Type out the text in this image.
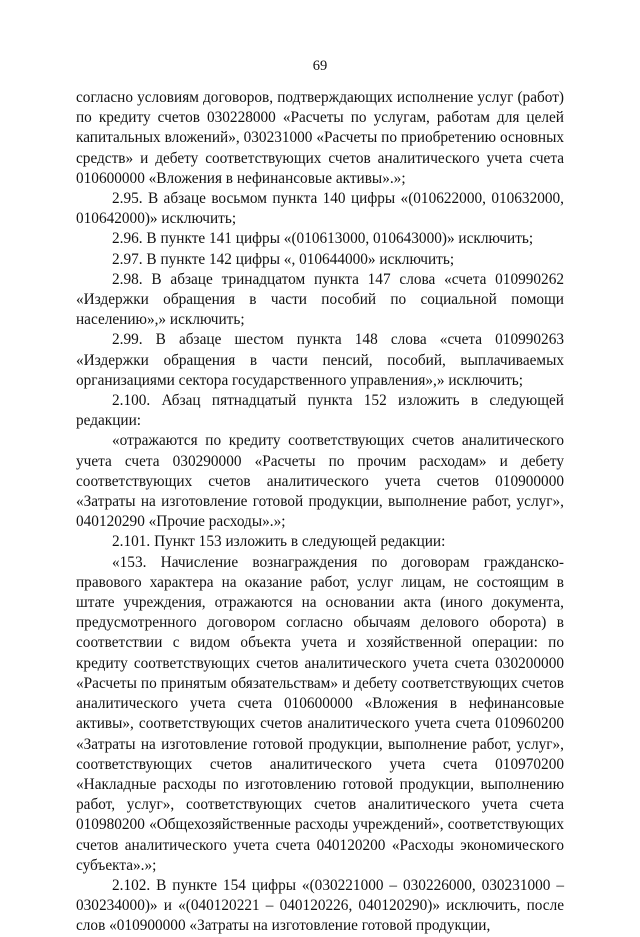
69

согласно условиям договоров, подтверждающих исполнение услуг (работ) по кредиту счетов 030228000 «Расчеты по услугам, работам для целей капитальных вложений», 030231000 «Расчеты по приобретению основных средств» и дебету соответствующих счетов аналитического учета счета 010600000 «Вложения в нефинансовые активы».»;

2.95. В абзаце восьмом пункта 140 цифры «(010622000, 010632000, 010642000)» исключить;

2.96. В пункте 141 цифры «(010613000, 010643000)» исключить;

2.97. В пункте 142 цифры «, 010644000» исключить;

2.98. В абзаце тринадцатом пункта 147 слова «счета 010990262 «Издержки обращения в части пособий по социальной помощи населению»,» исключить;

2.99. В абзаце шестом пункта 148 слова «счета 010990263 «Издержки обращения в части пенсий, пособий, выплачиваемых организациями сектора государственного управления»,» исключить;

2.100. Абзац пятнадцатый пункта 152 изложить в следующей редакции:

«отражаются по кредиту соответствующих счетов аналитического учета счета 030290000 «Расчеты по прочим расходам» и дебету соответствующих счетов аналитического учета счетов 010900000 «Затраты на изготовление готовой продукции, выполнение работ, услуг», 040120290 «Прочие расходы».»;

2.101. Пункт 153 изложить в следующей редакции:

«153. Начисление вознаграждения по договорам гражданско-правового характера на оказание работ, услуг лицам, не состоящим в штате учреждения, отражаются на основании акта (иного документа, предусмотренного договором согласно обычаям делового оборота) в соответствии с видом объекта учета и хозяйственной операции: по кредиту соответствующих счетов аналитического учета счета 030200000 «Расчеты по принятым обязательствам» и дебету соответствующих счетов аналитического учета счета 010600000 «Вложения в нефинансовые активы», соответствующих счетов аналитического учета счета 010960200 «Затраты на изготовление готовой продукции, выполнение работ, услуг», соответствующих счетов аналитического учета счета 010970200 «Накладные расходы по изготовлению готовой продукции, выполнению работ, услуг», соответствующих счетов аналитического учета счета 010980200 «Общехозяйственные расходы учреждений», соответствующих счетов аналитического учета счета 040120200 «Расходы экономического субъекта».»;

2.102. В пункте 154 цифры «(030221000 – 030226000, 030231000 – 030234000)» и «(040120221 – 040120226, 040120290)» исключить, после слов «010900000 «Затраты на изготовление готовой продукции,
